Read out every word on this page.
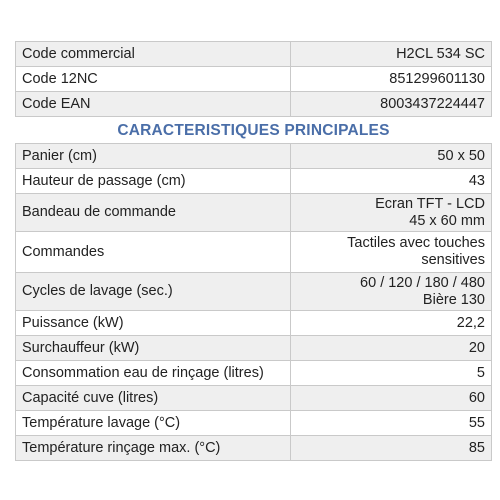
Code commercial	H2CL 534 SC
Code 12NC	851299601130
Code EAN	8003437224447
CARACTERISTIQUES PRINCIPALES	
Panier (cm)	50 x 50
Hauteur de passage (cm)	43
Bandeau de commande	Ecran TFT - LCD
45 x 60 mm
Commandes	Tactiles avec touches
sensitives
Cycles de lavage (sec.)	60 / 120 / 180 / 480
Bière 130
Puissance (kW)	22,2
Surchauffeur (kW)	20
Consommation eau de rinçage (litres)	5
Capacité cuve (litres)	60
Température lavage (°C)	55
Température rinçage max. (°C)	85
